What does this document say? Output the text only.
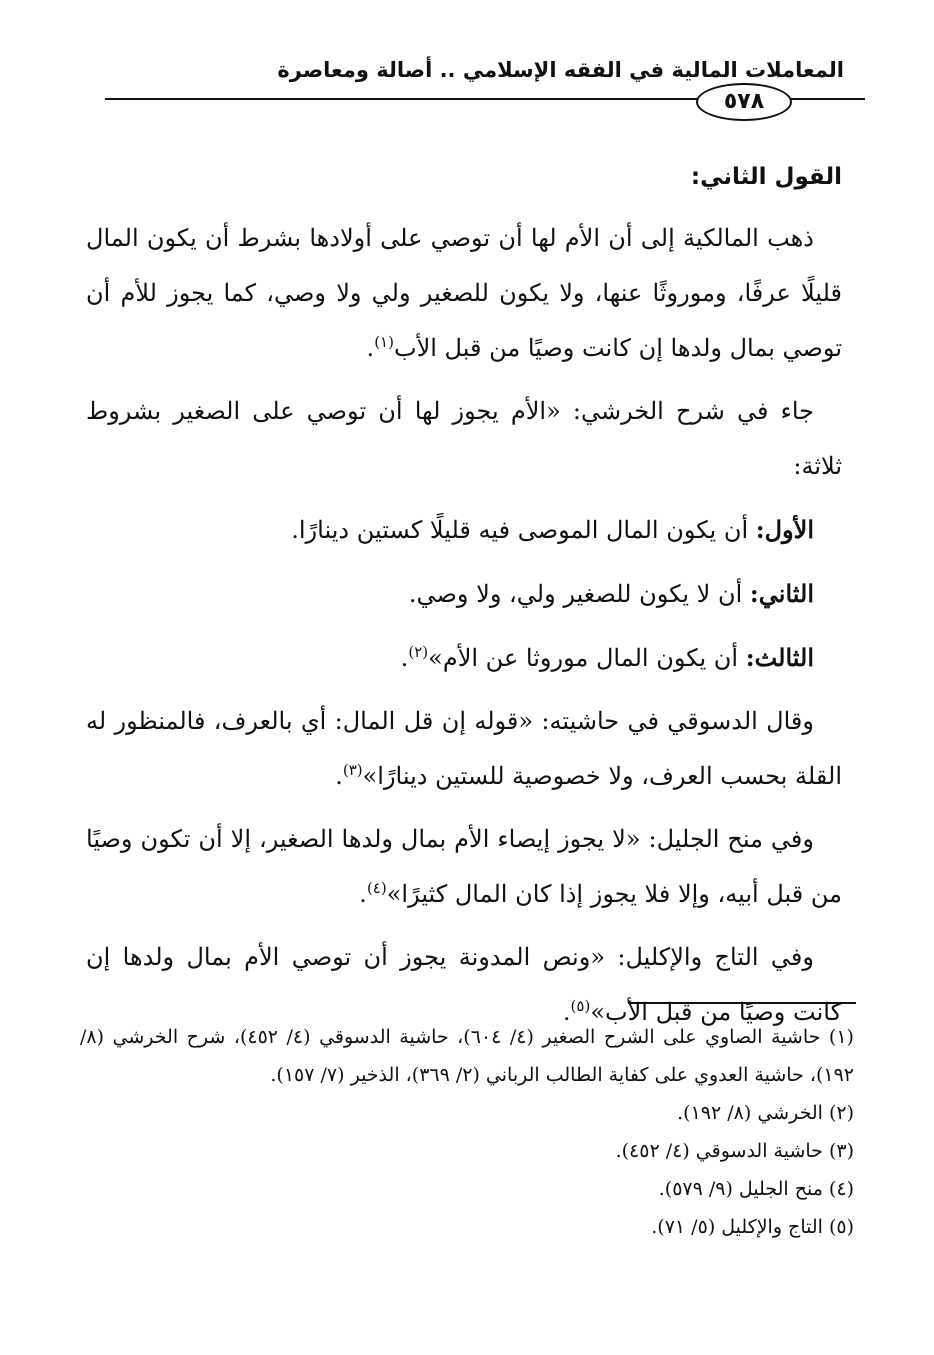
المعاملات المالية في الفقه الإسلامي .. أصالة ومعاصرة
٥٧٨
القول الثاني:

ذهب المالكية إلى أن الأم لها أن توصي على أولادها بشرط أن يكون المال قليلًا عرفًا، وموروثًا عنها، ولا يكون للصغير ولي ولا وصي، كما يجوز للأم أن توصي بمال ولدها إن كانت وصيًا من قبل الأب$^{(١)}$.

جاء في شرح الخرشي: «الأم يجوز لها أن توصي على الصغير بشروط ثلاثة:

الأول: أن يكون المال الموصى فيه قليلًا كستين دينارًا.

الثاني: أن لا يكون للصغير ولي، ولا وصي.

الثالث: أن يكون المال موروثا عن الأم»$^{(٢)}$.

وقال الدسوقي في حاشيته: «قوله إن قل المال: أي بالعرف، فالمنظور له القلة بحسب العرف، ولا خصوصية للستين دينارًا»$^{(٣)}$.

وفي منح الجليل: «لا يجوز إيصاء الأم بمال ولدها الصغير، إلا أن تكون وصيًا من قبل أبيه، وإلا فلا يجوز إذا كان المال كثيرًا»$^{(٤)}$.

وفي التاج والإكليل: «ونص المدونة يجوز أن توصي الأم بمال ولدها إن كانت وصيًا من قبل الأب»$^{(٥)}$.

(١) حاشية الصاوي على الشرح الصغير (٤/ ٦٠٤)، حاشية الدسوقي (٤/ ٤٥٢)، شرح الخرشي (٨/ ١٩٢)، حاشية العدوي على كفاية الطالب الرباني (٢/ ٣٦٩)، الذخير (٧/ ١٥٧).

(٢) الخرشي (٨/ ١٩٢).

(٣) حاشية الدسوقي (٤/ ٤٥٢).

(٤) منح الجليل (٩/ ٥٧٩).

(٥) التاج والإكليل (٥/ ٧١).
